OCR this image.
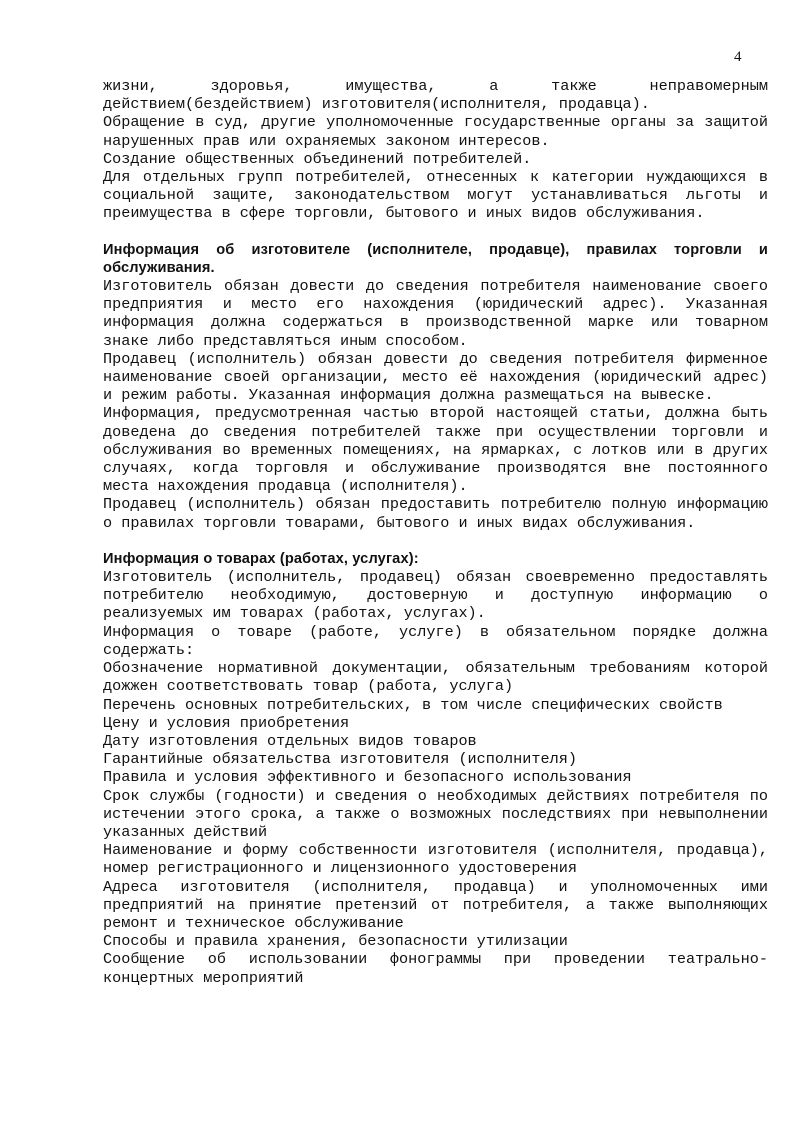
4

жизни, здоровья, имущества, а также неправомерным действием(бездействием) изготовителя(исполнителя, продавца).

Обращение в суд, другие уполномоченные государственные органы за защитой нарушенных прав или охраняемых законом интересов.

Создание общественных объединений потребителей.

Для отдельных групп потребителей, отнесенных к категории нуждающихся в социальной защите, законодательством могут устанавливаться льготы и преимущества в сфере торговли, бытового и иных видов обслуживания.

Информация об изготовителе (исполнителе, продавце), правилах торговли и обслуживания.

Изготовитель обязан довести до сведения потребителя наименование своего предприятия и место его нахождения (юридический адрес). Указанная информация должна содержаться в производственной марке или товарном знаке либо представляться иным способом.

Продавец (исполнитель) обязан довести до сведения потребителя фирменное наименование своей организации, место её нахождения (юридический адрес) и режим работы. Указанная информация должна размещаться на вывеске.

Информация, предусмотренная частью второй настоящей статьи, должна быть доведена до сведения потребителей также при осуществлении торговли и обслуживания во временных помещениях, на ярмарках, с лотков или в других случаях, когда торговля и обслуживание производятся вне постоянного места нахождения продавца (исполнителя).

Продавец (исполнитель) обязан предоставить потребителю полную информацию о правилах торговли товарами, бытового и иных видах обслуживания.

Информация о товарах (работах, услугах):

Изготовитель (исполнитель, продавец) обязан своевременно предоставлять потребителю необходимую, достоверную и доступную информацию о реализуемых им товарах (работах, услугах).

Информация о товаре (работе, услуге) в обязательном порядке должна содержать:

Обозначение нормативной документации, обязательным требованиям которой дожжен соответствовать товар (работа, услуга)

Перечень основных потребительских, в том числе специфических свойств

Цену и условия приобретения

Дату изготовления отдельных видов товаров

Гарантийные обязательства изготовителя (исполнителя)

Правила и условия эффективного и безопасного использования

Срок службы (годности) и сведения о необходимых действиях потребителя по истечении этого срока, а также о возможных последствиях при невыполнении указанных действий

Наименование и форму собственности изготовителя (исполнителя, продавца), номер регистрационного и лицензионного удостоверения

Адреса изготовителя (исполнителя, продавца) и уполномоченных ими предприятий на принятие претензий от потребителя, а также выполняющих ремонт и техническое обслуживание

Способы и правила хранения, безопасности утилизации

Сообщение об использовании фонограммы при проведении театрально-концертных мероприятий
